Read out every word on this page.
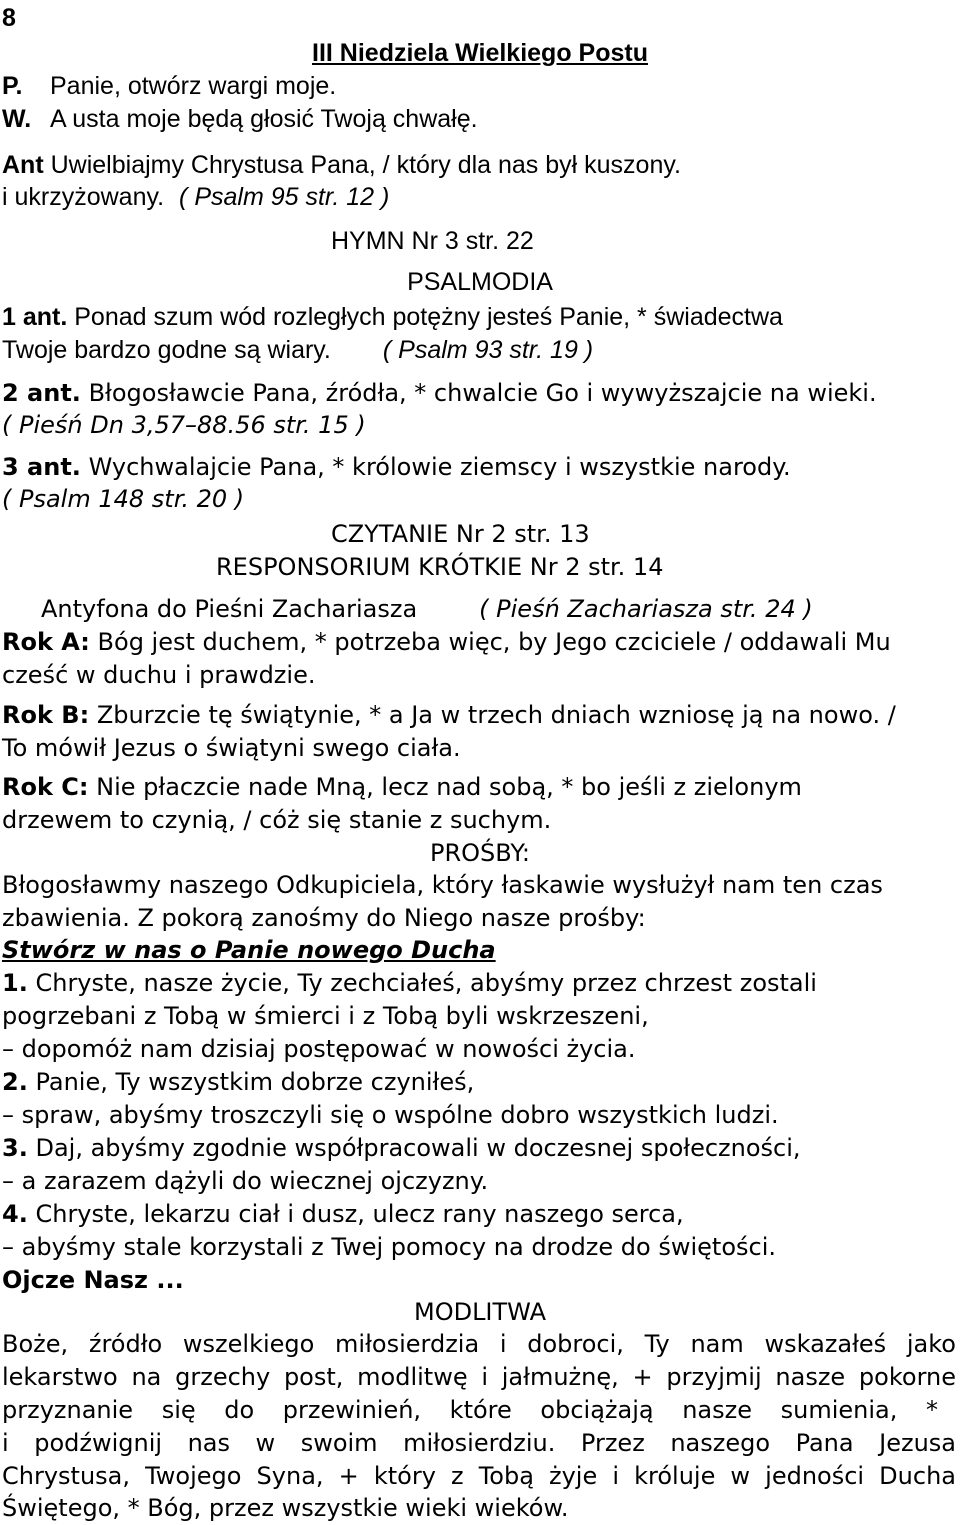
8
III Niedziela Wielkiego Postu
P. Panie, otwórz wargi moje.
W. A usta moje będą głosić Twoją chwałę.
Ant Uwielbiajmy Chrystusa Pana, / który dla nas był kuszony.
i ukrzyżowany. ( Psalm 95 str. 12 )
HYMN Nr 3 str. 22
PSALMODIA
1 ant. Ponad szum wód rozległych potężny jesteś Panie, * świadectwa
Twoje bardzo godne są wiary. ( Psalm 93 str. 19 )
2 ant. Błogosławcie Pana, źródła, * chwalcie Go i wywyższajcie na wieki.
( Pieśń Dn 3,57–88.56 str. 15 )
3 ant. Wychwalajcie Pana, * królowie ziemscy i wszystkie narody.
( Psalm 148 str. 20 )
CZYTANIE Nr 2 str. 13
RESPONSORIUM KRÓTKIE Nr 2 str. 14
Antyfona do Pieśni Zachariasza	( Pieśń Zachariasza str. 24 )
Rok A: Bóg jest duchem, * potrzeba więc, by Jego czciciele / oddawali Mu
cześć w duchu i prawdzie.
Rok B: Zburzcie tę świątynie, * a Ja w trzech dniach wzniosę ją na nowo. /
To mówił Jezus o świątyni swego ciała.
Rok C: Nie płaczcie nade Mną, lecz nad sobą, * bo jeśli z zielonym
drzewem to czynią, / cóż się stanie z suchym.
PROŚBY:
Błogosławmy naszego Odkupiciela, który łaskawie wysłużył nam ten czas
zbawienia. Z pokorą zanośmy do Niego nasze prośby:
Stwórz w nas o Panie nowego Ducha
1. Chryste, nasze życie, Ty zechciałeś, abyśmy przez chrzest zostali
pogrzebani z Tobą w śmierci i z Tobą byli wskrzeszeni,
– dopomóż nam dzisiaj postępować w nowości życia.
2. Panie, Ty wszystkim dobrze czyniłeś,
– spraw, abyśmy troszczyli się o wspólne dobro wszystkich ludzi.
3. Daj, abyśmy zgodnie współpracowali w doczesnej społeczności,
– a zarazem dążyli do wiecznej ojczyzny.
4. Chryste, lekarzu ciał i dusz, ulecz rany naszego serca,
– abyśmy stale korzystali z Twej pomocy na drodze do świętości.
Ojcze Nasz ...
MODLITWA
Boże, źródło wszelkiego miłosierdzia i dobroci, Ty nam wskazałeś jako
lekarstwo na grzechy post, modlitwę i jałmużnę, + przyjmij nasze pokorne
przyznanie się do przewinień, które obciążają nasze sumienia, *
i podźwignij nas w swoim miłosierdziu. Przez naszego Pana Jezusa
Chrystusa, Twojego Syna, + który z Tobą żyje i króluje w jedności Ducha
Świętego, * Bóg, przez wszystkie wieki wieków.
